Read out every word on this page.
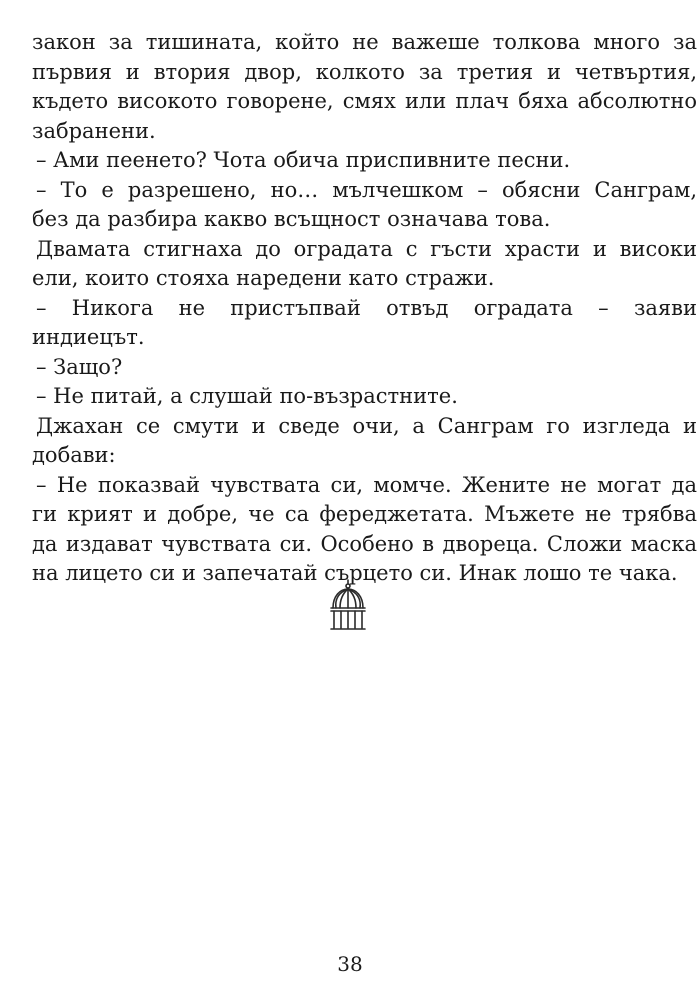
закон за тишината, който не важеше толкова много за

първия и втория двор, колкото за третия и четвъртия,

където високото говорене, смях или плач бяха абсолютно

забранени.

– Ами пеенето? Чота обича приспивните песни.

– То е разрешено, но… мълчешком – обясни Санграм,

без да разбира какво всъщност означава това.

Двамата стигнаха до оградата с гъсти храсти и високи

ели, които стояха наредени като стражи.

– Никога не пристъпвай отвъд оградата – заяви

индиецът.

– Защо?

– Не питай, а слушай по-възрастните.

Джахан се смути и сведе очи, а Санграм го изгледа и

добави:

– Не показвай чувствата си, момче. Жените не могат да

ги крият и добре, че са фереджетата. Мъжете не трябва

да издават чувствата си. Особено в двореца. Сложи маска

на лицето си и запечатай сърцето си. Инак лошо те чака.

38
